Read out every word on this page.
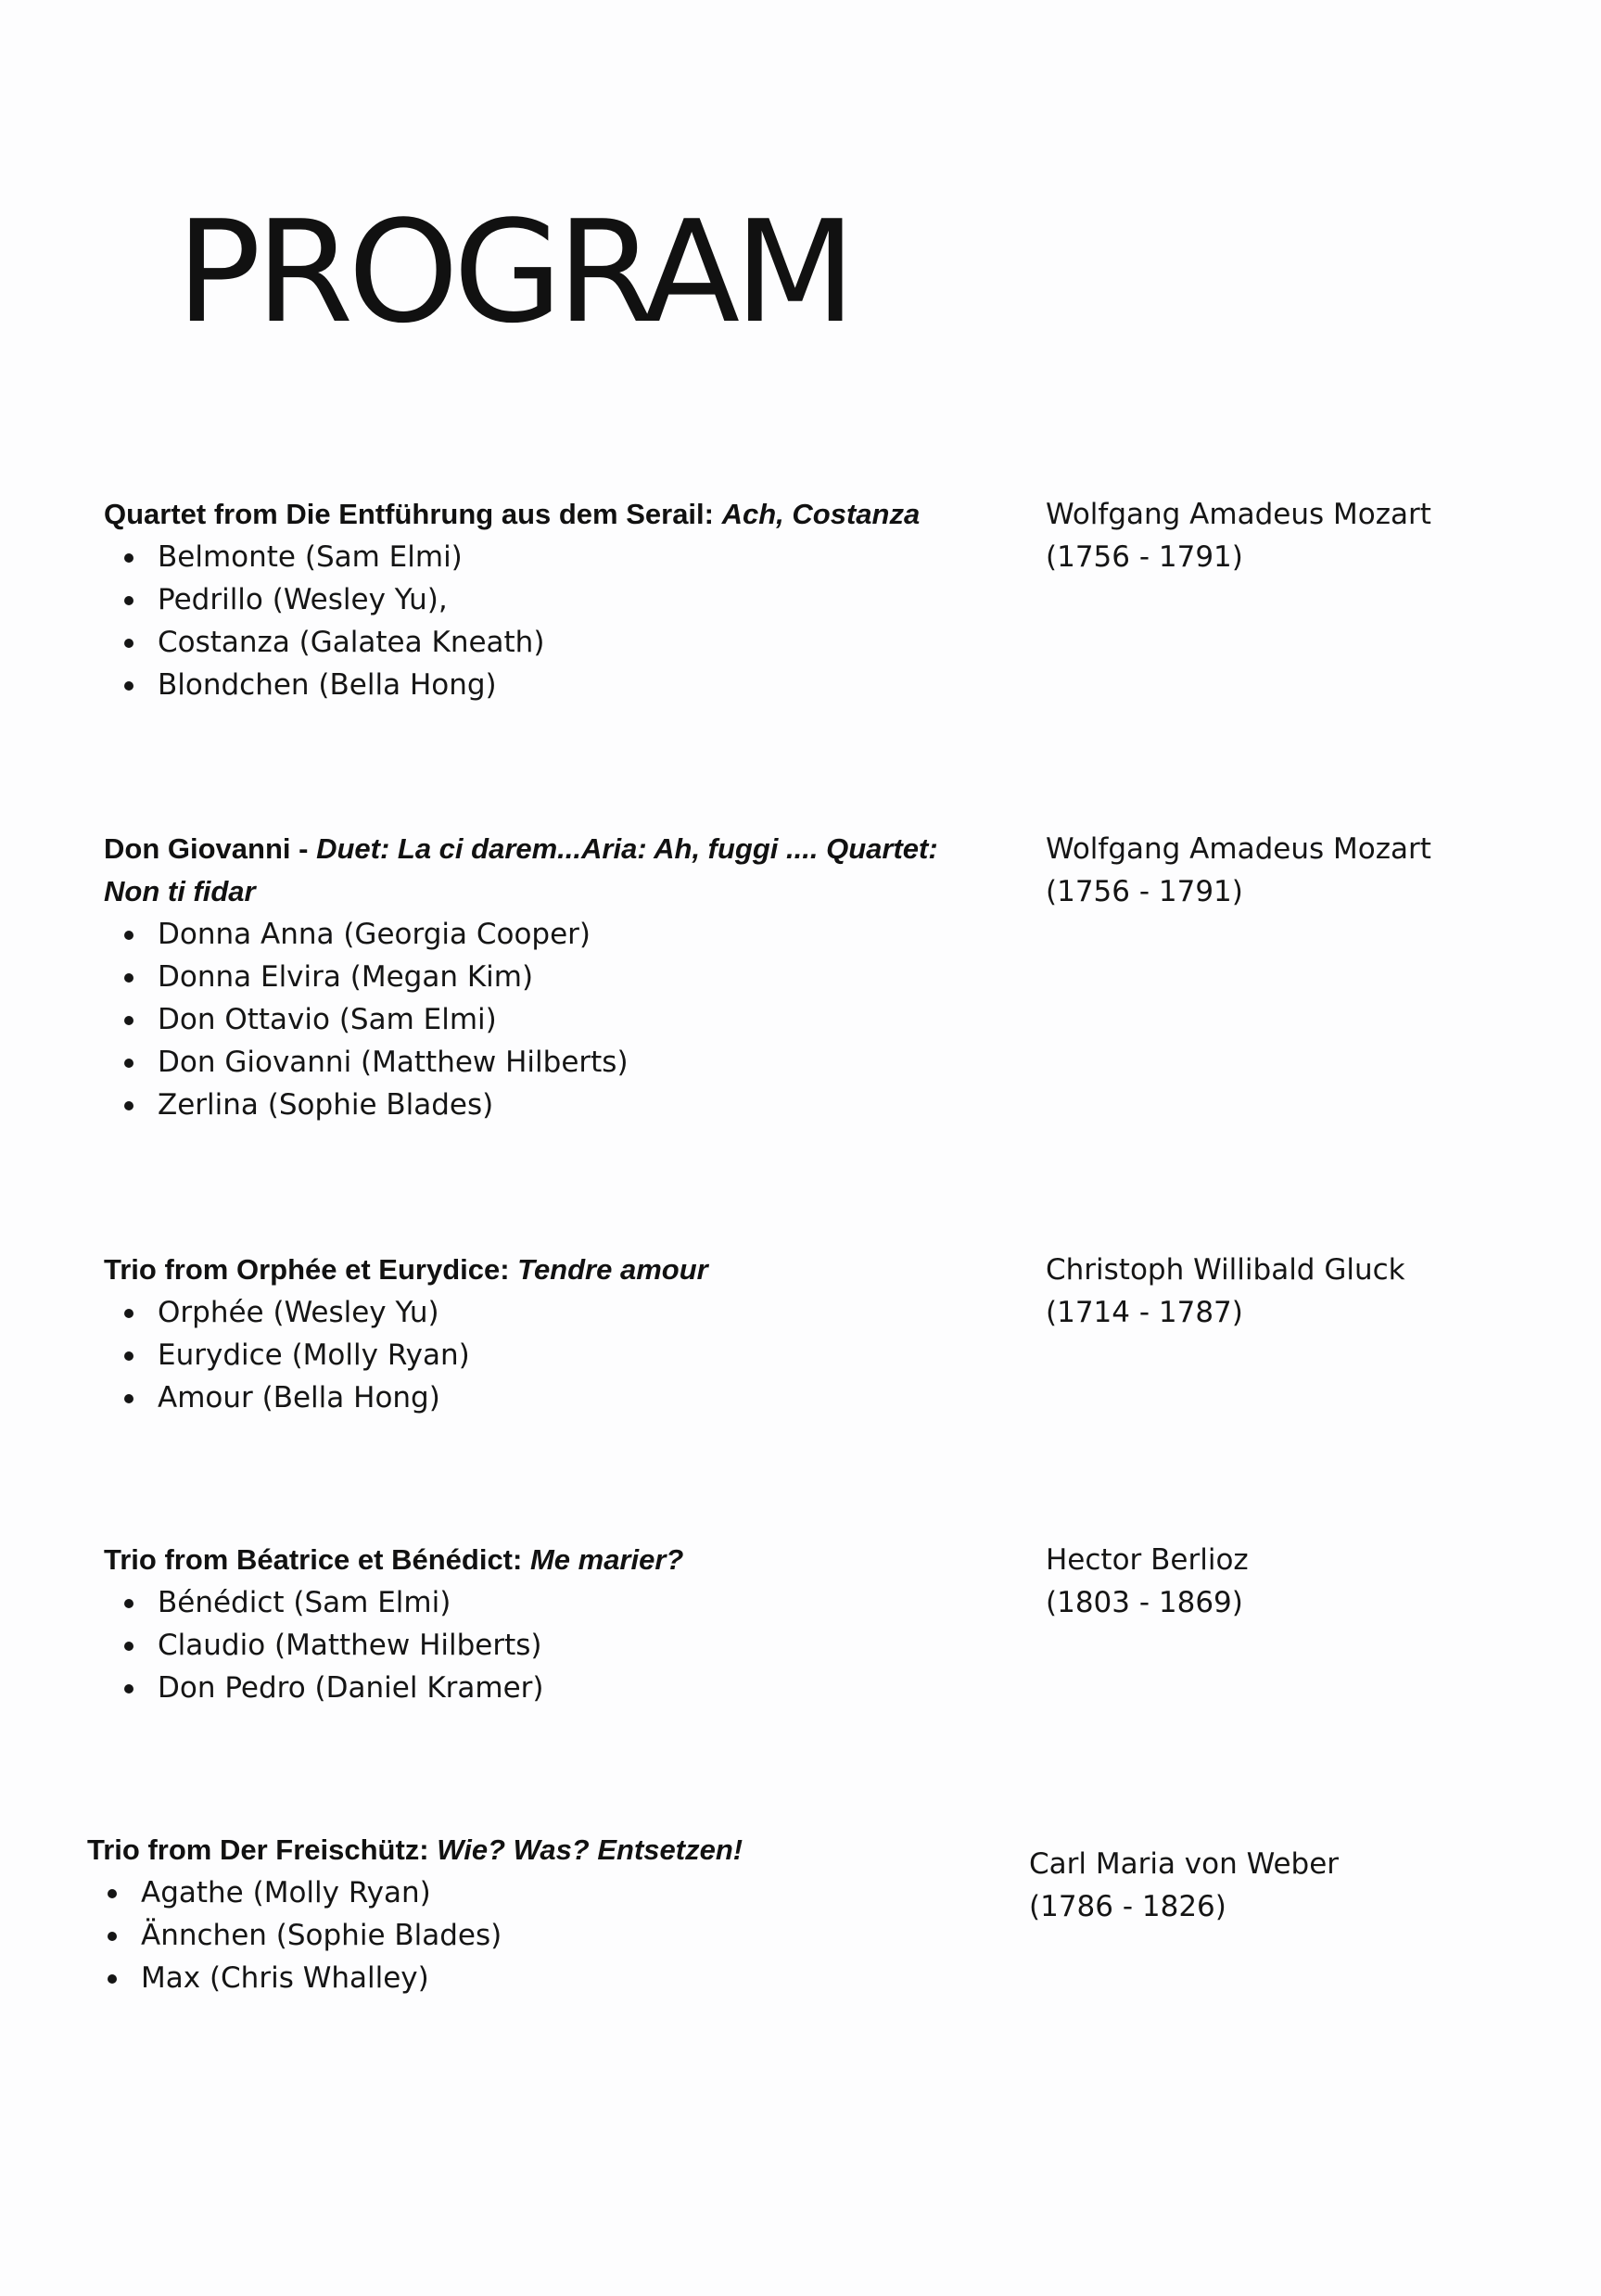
PROGRAM
Quartet from Die Entführung aus dem Serail: Ach, Costanza	Wolfgang Amadeus Mozart
(1756 - 1791)
Belmonte (Sam Elmi)
Pedrillo (Wesley Yu),
Costanza (Galatea Kneath)
Blondchen (Bella Hong)
Don Giovanni - Duet: La ci darem...Aria: Ah, fuggi .... Quartet:
Non ti fidar
Wolfgang Amadeus Mozart
(1756 - 1791)
Donna Anna (Georgia Cooper)
Donna Elvira (Megan Kim)
Don Ottavio (Sam Elmi)
Don Giovanni (Matthew Hilberts)
Zerlina (Sophie Blades)
Trio from Orphée et Eurydice: Tendre amour	Christoph Willibald Gluck
(1714 - 1787)
Orphée (Wesley Yu)
Eurydice (Molly Ryan)
Amour (Bella Hong)
Trio from Béatrice et Bénédict: Me marier?	Hector Berlioz
(1803 - 1869)
Bénédict (Sam Elmi)
Claudio (Matthew Hilberts)
Don Pedro (Daniel Kramer)
Trio from Der Freischütz: Wie? Was? Entsetzen!	Carl Maria von Weber
(1786 - 1826)
Agathe (Molly Ryan)
Ännchen (Sophie Blades)
Max (Chris Whalley)
